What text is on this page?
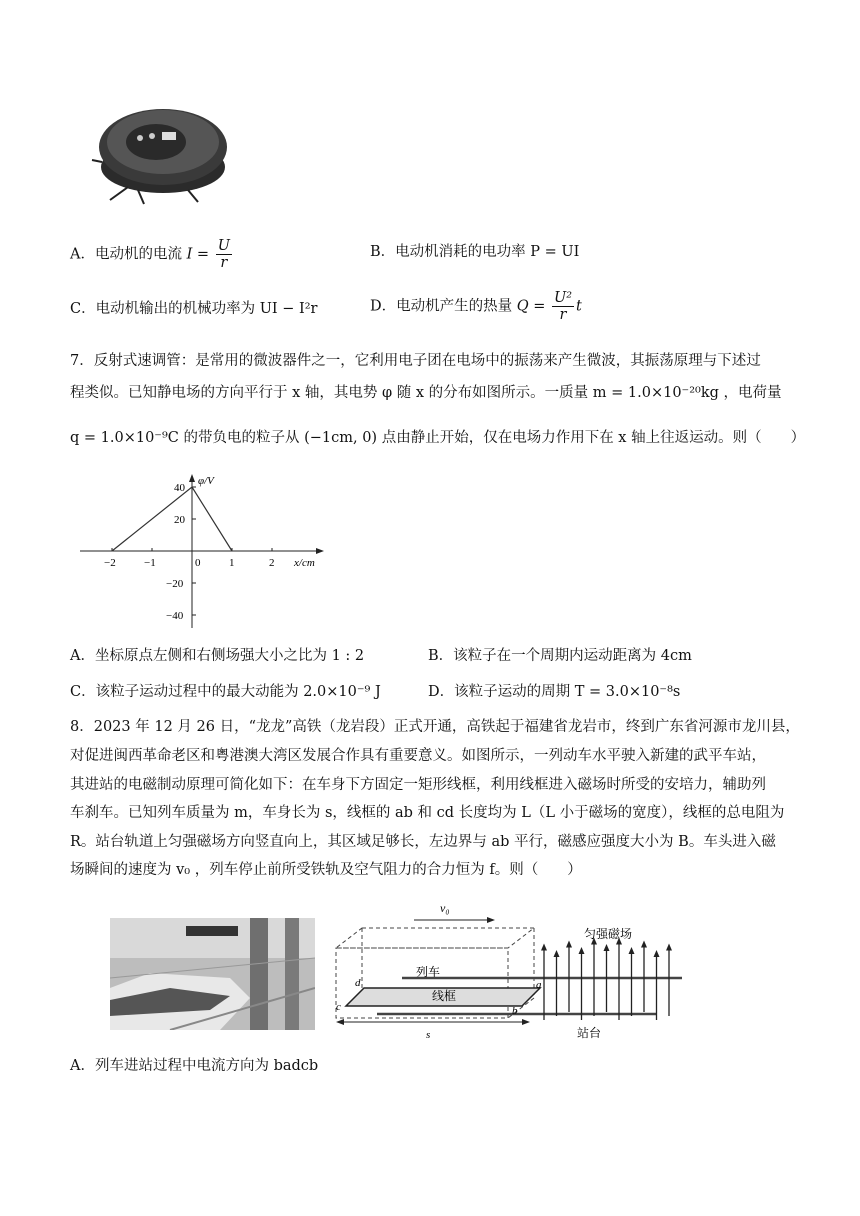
A．电动机的电流 $I = \frac{U}{r}$	B．电动机消耗的电功率 P = UI
C．电动机输出的机械功率为 UI − I²r	D．电动机产生的热量 $Q = \frac{\text{U²}}{r}$ t
7．反射式速调管：是常用的微波器件之一，它利用电子团在电场中的振荡来产生微波，其振荡原理与下述过
程类似。已知静电场的方向平行于 x 轴，其电势 φ 随 x 的分布如图所示。一质量 m = 1.0×10⁻²⁰kg ，电荷量
q = 1.0×10⁻⁹C 的带负电的粒子从 (−1cm, 0) 点由静止开始，仅在电场力作用下在 x 轴上往返运动。则（　　）
φ/V
x/cm
−2	−1	0	1	2
40
20
−20
−40
A．坐标原点左侧和右侧场强大小之比为 1 : 2	B．该粒子在一个周期内运动距离为 4cm
C．该粒子运动过程中的最大动能为 2.0×10⁻⁹ J	D．该粒子运动的周期 T = 3.0×10⁻⁸s
8．2023 年 12 月 26 日，“龙龙”高铁（龙岩段）正式开通，高铁起于福建省龙岩市，终到广东省河源市龙川县，
对促进闽西革命老区和粤港澳大湾区发展合作具有重要意义。如图所示，一列动车水平驶入新建的武平车站，
其进站的电磁制动原理可简化如下：在车身下方固定一矩形线框，利用线框进入磁场时所受的安培力，辅助列
车刹车。已知列车质量为 m，车身长为 s，线框的 ab 和 cd 长度均为 L（L 小于磁场的宽度），线框的总电阻为
R。站台轨道上匀强磁场方向竖直向上，其区域足够长，左边界与 ab 平行，磁感应强度大小为 B。车头进入磁
场瞬间的速度为 v₀ ，列车停止前所受铁轨及空气阻力的合力恒为 f。则（　　）
v₀
列车
线框
d
c
a
b
s
匀强磁场
站台
A．列车进站过程中电流方向为 badcb
